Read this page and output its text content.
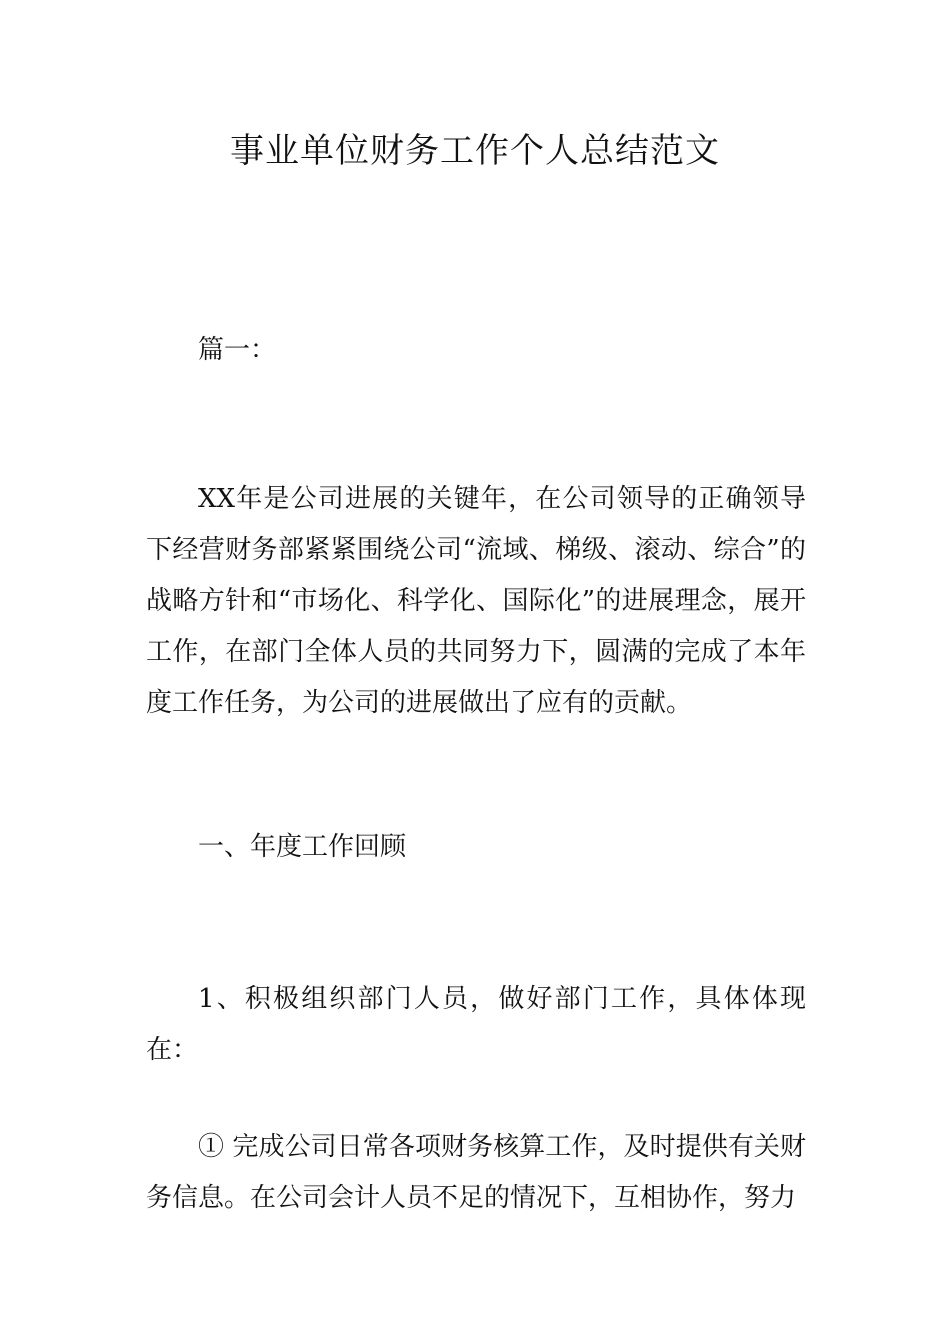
事业单位财务工作个人总结范文

篇一：

XX年是公司进展的关键年，在公司领导的正确领导下经营财务部紧紧围绕公司“流域、梯级、滚动、综合”的战略方针和“市场化、科学化、国际化”的进展理念，展开工作，在部门全体人员的共同努力下，圆满的完成了本年度工作任务，为公司的进展做出了应有的贡献。

一、年度工作回顾

1、积极组织部门人员，做好部门工作，具体体现在：

① 完成公司日常各项财务核算工作，及时提供有关财务信息。在公司会计人员不足的情况下，互相协作，努力
